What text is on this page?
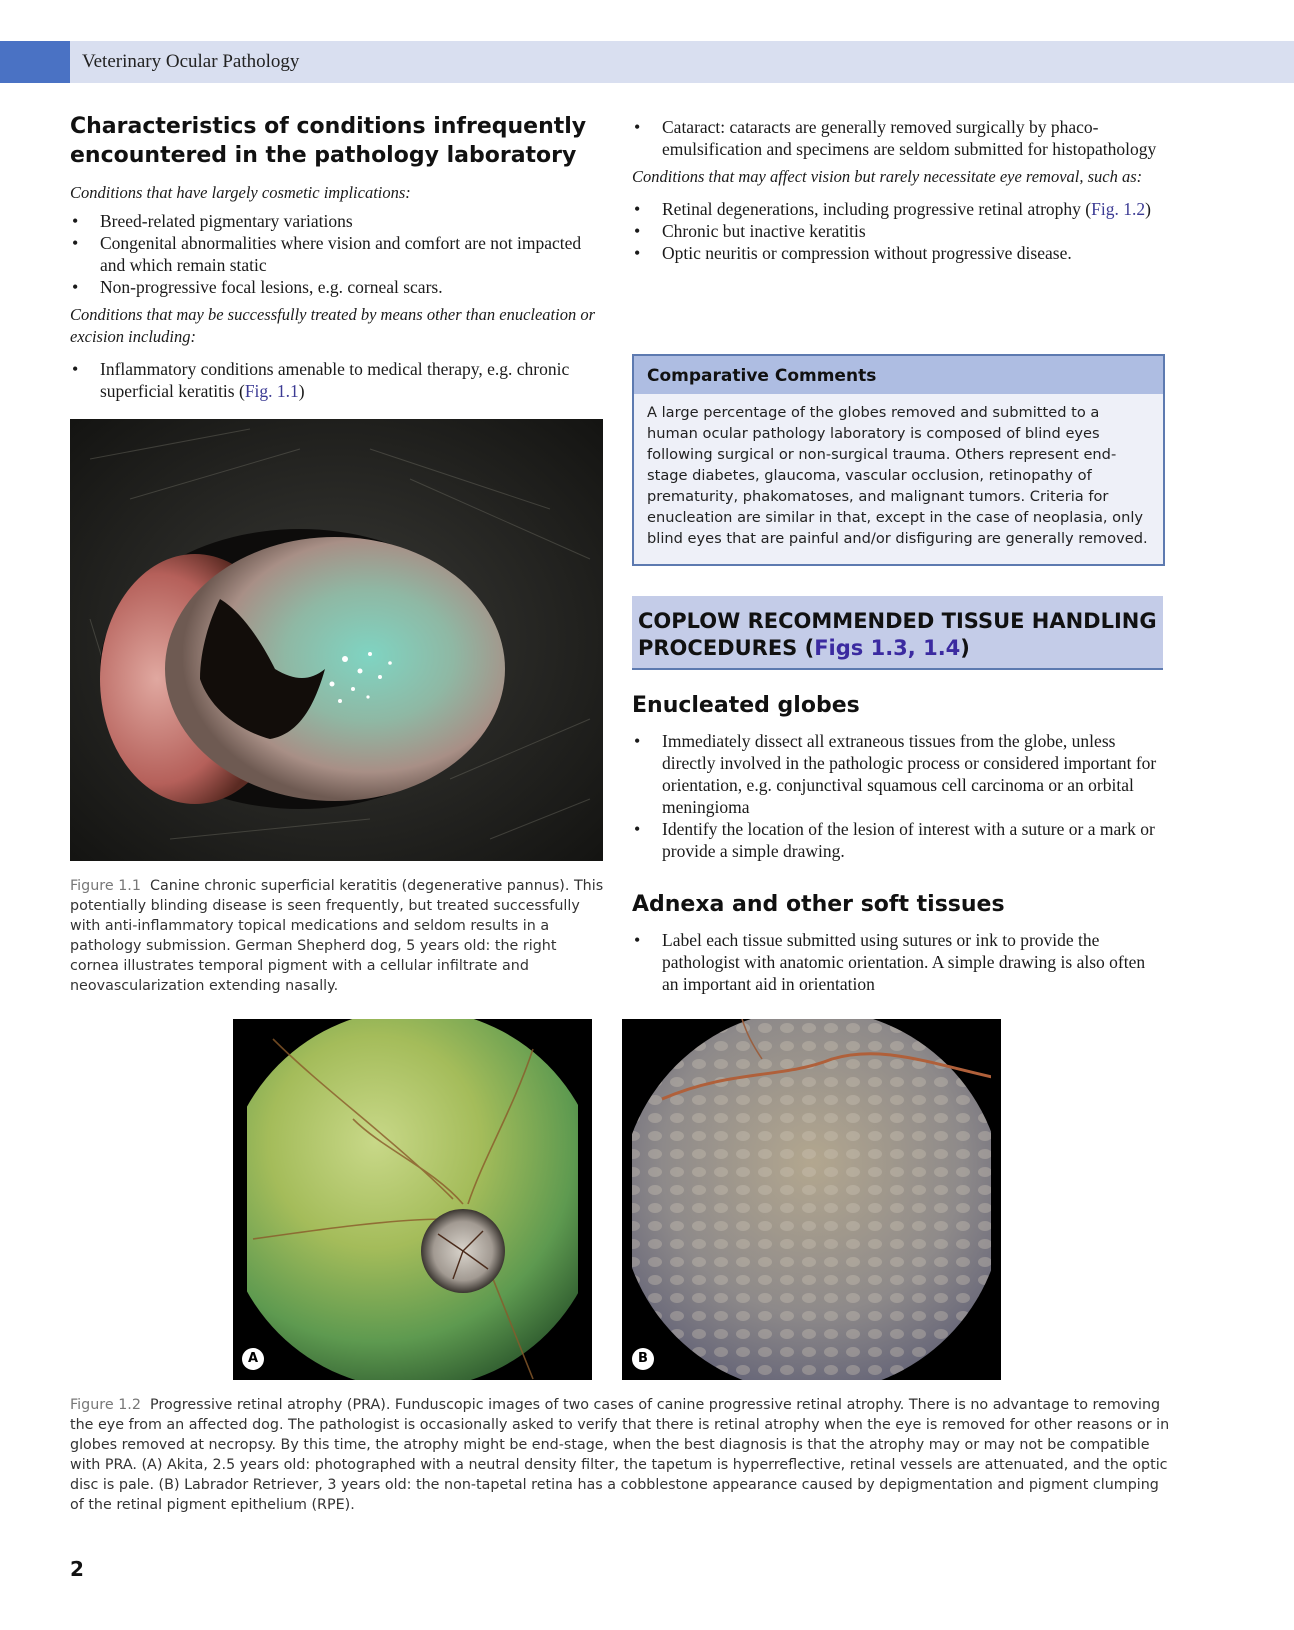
Veterinary Ocular Pathology
Characteristics of conditions infrequently encountered in the pathology laboratory

Conditions that have largely cosmetic implications:

• Breed-related pigmentary variations
• Congenital abnormalities where vision and comfort are not impacted and which remain static
• Non-progressive focal lesions, e.g. corneal scars.

Conditions that may be successfully treated by means other than enucleation or excision including:

• Inflammatory conditions amenable to medical therapy, e.g. chronic superficial keratitis (Fig. 1.1)
Figure 1.1 Canine chronic superficial keratitis (degenerative pannus). This potentially blinding disease is seen frequently, but treated successfully with anti-inflammatory topical medications and seldom results in a pathology submission. German Shepherd dog, 5 years old: the right cornea illustrates temporal pigment with a cellular infiltrate and neovascularization extending nasally.
• Cataract: cataracts are generally removed surgically by phaco-emulsification and specimens are seldom submitted for histopathology

Conditions that may affect vision but rarely necessitate eye removal, such as:

• Retinal degenerations, including progressive retinal atrophy (Fig. 1.2)
• Chronic but inactive keratitis
• Optic neuritis or compression without progressive disease.
Comparative Comments
A large percentage of the globes removed and submitted to a human ocular pathology laboratory is composed of blind eyes following surgical or non-surgical trauma. Others represent end-stage diabetes, glaucoma, vascular occlusion, retinopathy of prematurity, phakomatoses, and malignant tumors. Criteria for enucleation are similar in that, except in the case of neoplasia, only blind eyes that are painful and/or disfiguring are generally removed.
COPLOW RECOMMENDED TISSUE HANDLING PROCEDURES (Figs 1.3, 1.4)
Enucleated globes
• Immediately dissect all extraneous tissues from the globe, unless directly involved in the pathologic process or considered important for orientation, e.g. conjunctival squamous cell carcinoma or an orbital meningioma
• Identify the location of the lesion of interest with a suture or a mark or provide a simple drawing.
Adnexa and other soft tissues
• Label each tissue submitted using sutures or ink to provide the pathologist with anatomic orientation. A simple drawing is also often an important aid in orientation
A	B
Figure 1.2 Progressive retinal atrophy (PRA). Funduscopic images of two cases of canine progressive retinal atrophy. There is no advantage to removing the eye from an affected dog. The pathologist is occasionally asked to verify that there is retinal atrophy when the eye is removed for other reasons or in globes removed at necropsy. By this time, the atrophy might be end-stage, when the best diagnosis is that the atrophy may or may not be compatible with PRA. (A) Akita, 2.5 years old: photographed with a neutral density filter, the tapetum is hyperreflective, retinal vessels are attenuated, and the optic disc is pale. (B) Labrador Retriever, 3 years old: the non-tapetal retina has a cobblestone appearance caused by depigmentation and pigment clumping of the retinal pigment epithelium (RPE).
2
